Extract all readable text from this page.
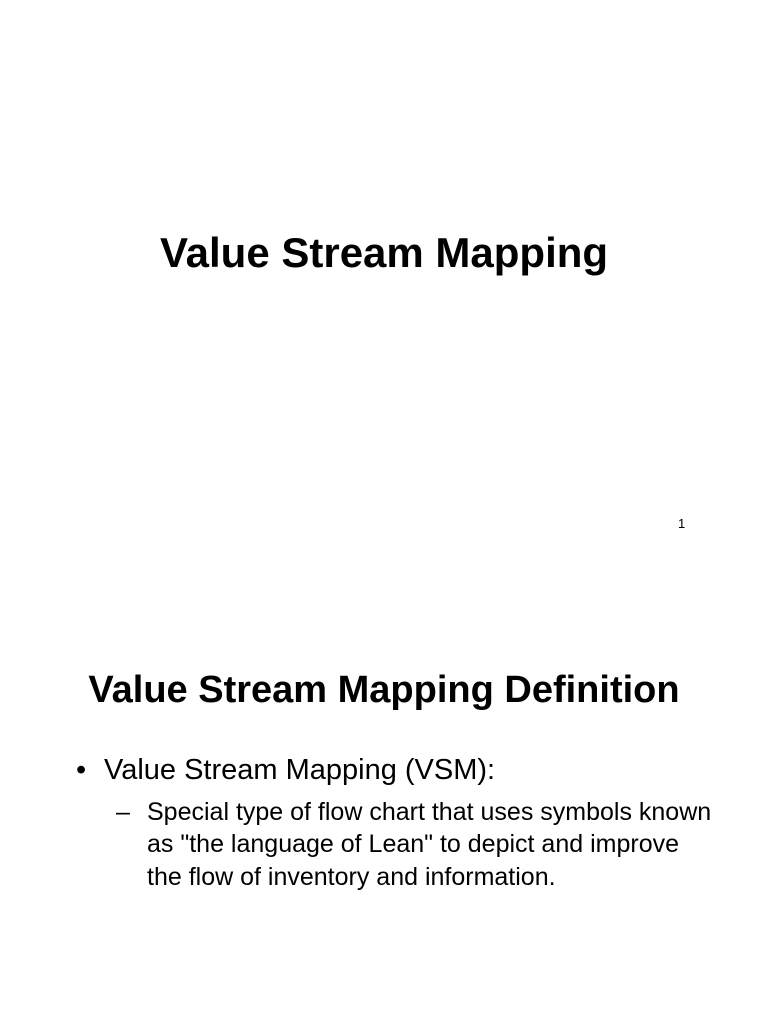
Value Stream Mapping
1
Value Stream Mapping Definition
• Value Stream Mapping (VSM):
– Special type of flow chart that uses symbols known as "the language of Lean" to depict and improve the flow of inventory and information.
